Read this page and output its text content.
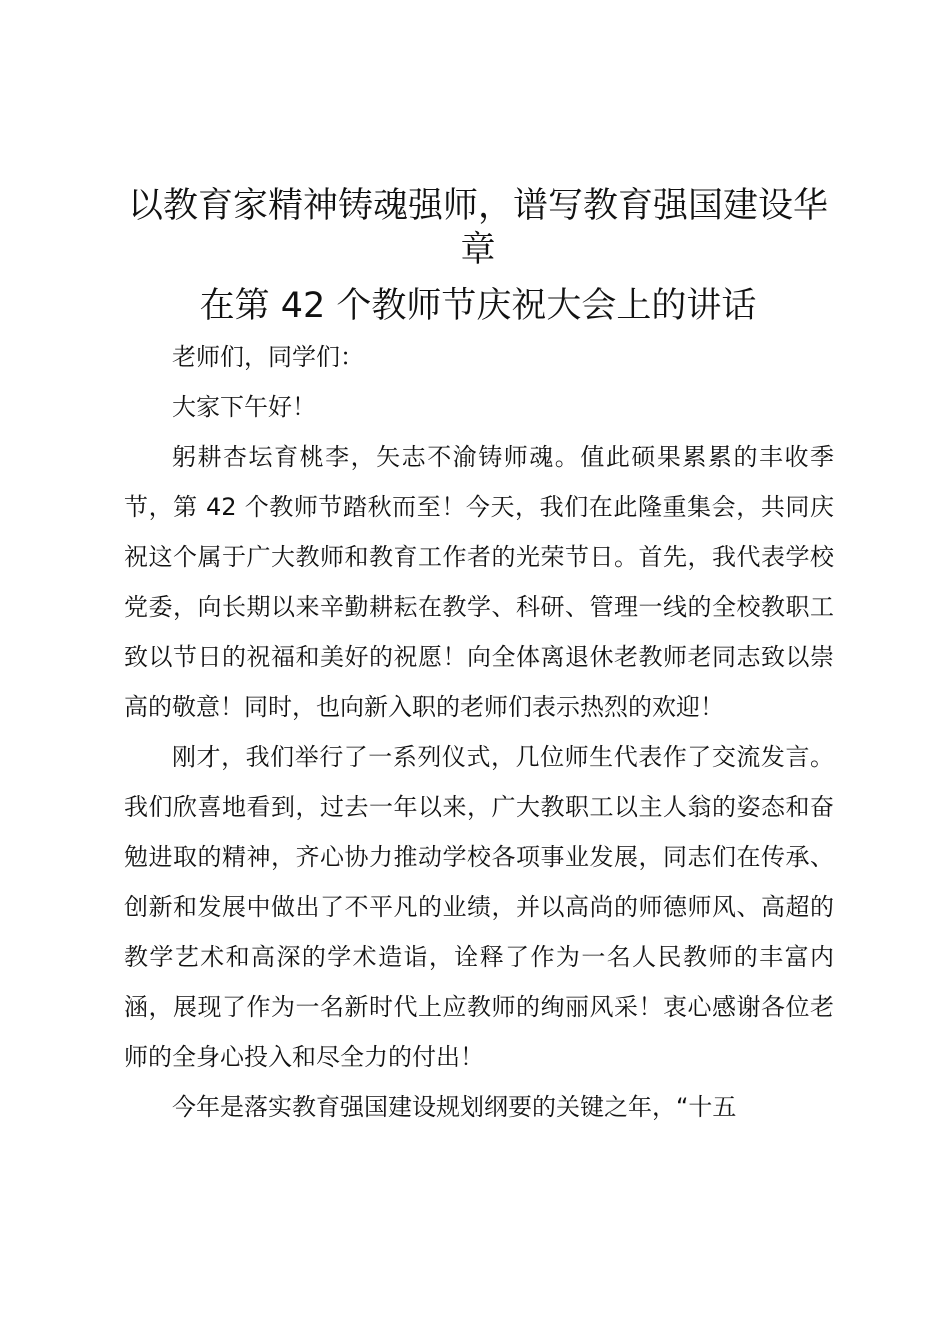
以教育家精神铸魂强师，谱写教育强国建设华章
在第 42 个教师节庆祝大会上的讲话

老师们，同学们：

大家下午好！

躬耕杏坛育桃李，矢志不渝铸师魂。值此硕果累累的丰收季节，第 42 个教师节踏秋而至！今天，我们在此隆重集会，共同庆祝这个属于广大教师和教育工作者的光荣节日。首先，我代表学校党委，向长期以来辛勤耕耘在教学、科研、管理一线的全校教职工致以节日的祝福和美好的祝愿！向全体离退休老教师老同志致以崇高的敬意！同时，也向新入职的老师们表示热烈的欢迎！

刚才，我们举行了一系列仪式，几位师生代表作了交流发言。我们欣喜地看到，过去一年以来，广大教职工以主人翁的姿态和奋勉进取的精神，齐心协力推动学校各项事业发展，同志们在传承、创新和发展中做出了不平凡的业绩，并以高尚的师德师风、高超的教学艺术和高深的学术造诣，诠释了作为一名人民教师的丰富内涵，展现了作为一名新时代上应教师的绚丽风采！衷心感谢各位老师的全身心投入和尽全力的付出！

今年是落实教育强国建设规划纲要的关键之年，“十五
